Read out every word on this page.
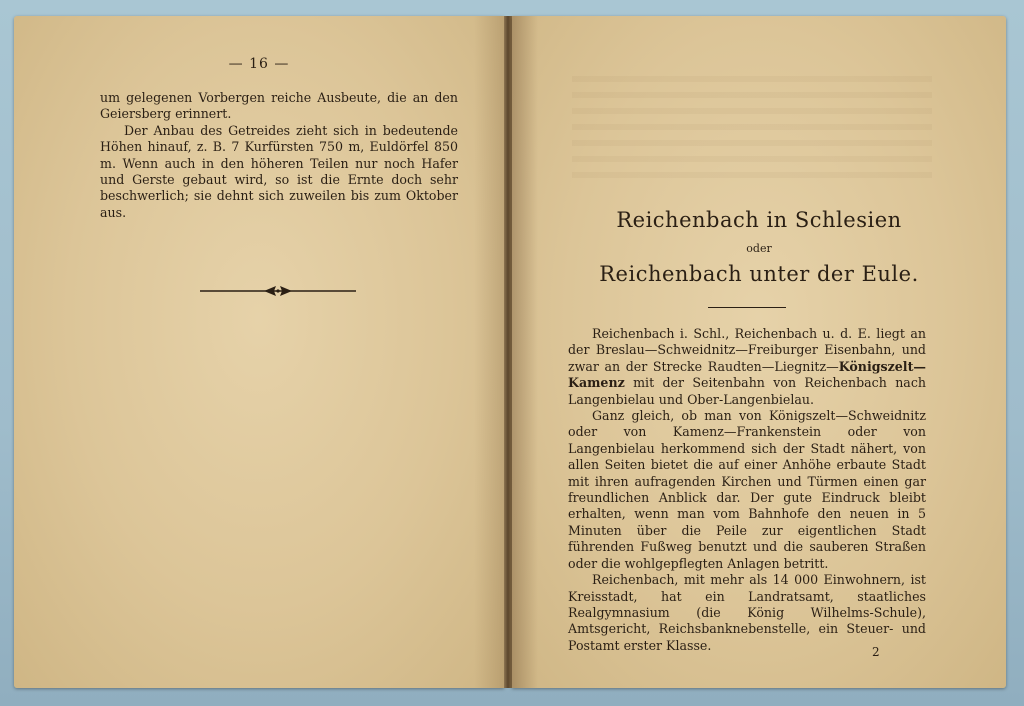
— 16 —

um gelegenen Vorbergen reiche Ausbeute, die an den Geiersberg erinnert.

Der Anbau des Getreides zieht sich in bedeutende Höhen hinauf, z. B. 7 Kurfürsten 750 m, Euldörfel 850 m. Wenn auch in den höheren Teilen nur noch Hafer und Gerste gebaut wird, so ist die Ernte doch sehr beschwerlich; sie dehnt sich zuweilen bis zum Oktober aus.	Reichenbach in Schlesien
oder
Reichenbach unter der Eule.

Reichenbach i. Schl., Reichenbach u. d. E. liegt an der Breslau—Schweidnitz—Freiburger Eisenbahn, und zwar an der Strecke Raudten—Liegnitz—Königszelt—Kamenz mit der Seitenbahn von Reichenbach nach Langenbielau und Ober-Langenbielau.

Ganz gleich, ob man von Königszelt—Schweidnitz oder von Kamenz—Frankenstein oder von Langenbielau herkommend sich der Stadt nähert, von allen Seiten bietet die auf einer Anhöhe erbaute Stadt mit ihren aufragenden Kirchen und Türmen einen gar freundlichen Anblick dar. Der gute Eindruck bleibt erhalten, wenn man vom Bahnhofe den neuen in 5 Minuten über die Peile zur eigentlichen Stadt führenden Fußweg benutzt und die sauberen Straßen oder die wohlgepflegten Anlagen betritt.

Reichenbach, mit mehr als 14 000 Einwohnern, ist Kreisstadt, hat ein Landratsamt, staatliches Realgymnasium (die König Wilhelms-Schule), Amtsgericht, Reichsbanknebenstelle, ein Steuer- und Postamt erster Klasse.	2
